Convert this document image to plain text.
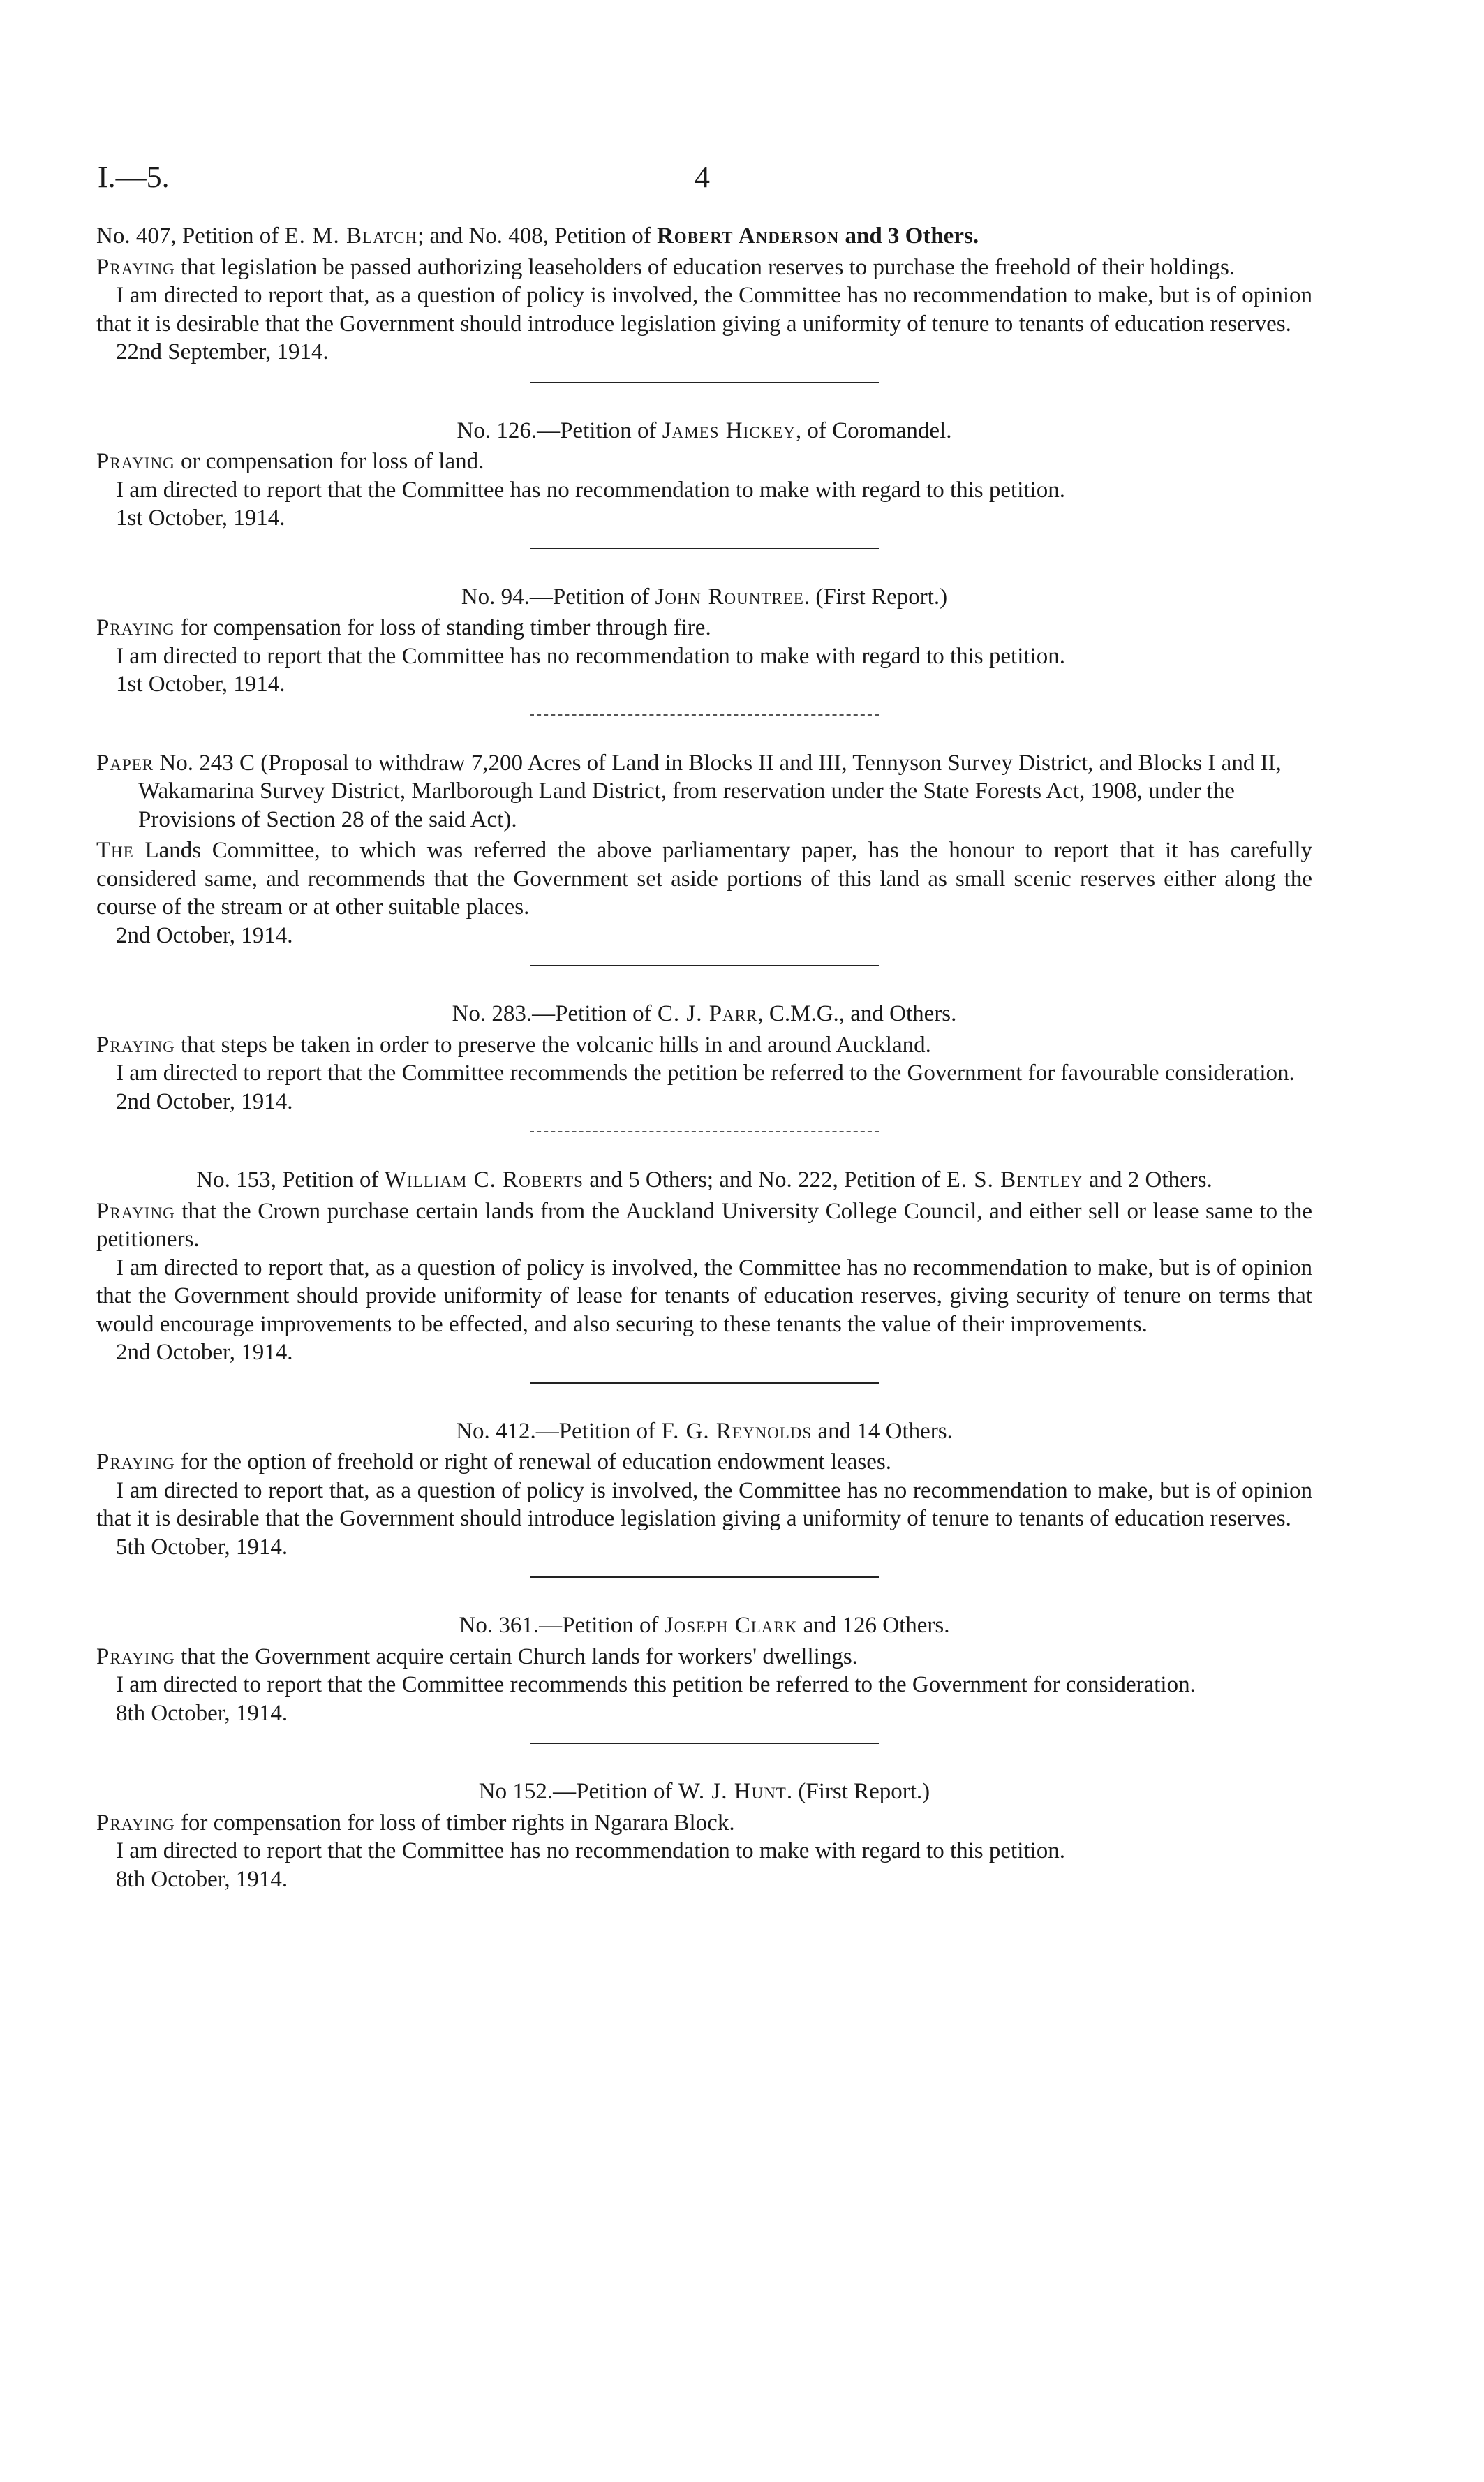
I.—5.	4

No. 407, Petition of E. M. Blatch; and No. 408, Petition of Robert Anderson and 3 Others.

Praying that legislation be passed authorizing leaseholders of education reserves to purchase the freehold of their holdings.

I am directed to report that, as a question of policy is involved, the Committee has no recommendation to make, but is of opinion that it is desirable that the Government should introduce legislation giving a uniformity of tenure to tenants of education reserves.

22nd September, 1914.

No. 126.—Petition of James Hickey, of Coromandel.

Praying or compensation for loss of land.

I am directed to report that the Committee has no recommendation to make with regard to this petition.

1st October, 1914.

No. 94.—Petition of John Rountree. (First Report.)

Praying for compensation for loss of standing timber through fire.

I am directed to report that the Committee has no recommendation to make with regard to this petition.

1st October, 1914.

Paper No. 243 C (Proposal to withdraw 7,200 Acres of Land in Blocks II and III, Tennyson Survey District, and Blocks I and II, Wakamarina Survey District, Marlborough Land District, from reservation under the State Forests Act, 1908, under the Provisions of Section 28 of the said Act).

The Lands Committee, to which was referred the above parliamentary paper, has the honour to report that it has carefully considered same, and recommends that the Government set aside portions of this land as small scenic reserves either along the course of the stream or at other suitable places.

2nd October, 1914.

No. 283.—Petition of C. J. Parr, C.M.G., and Others.

Praying that steps be taken in order to preserve the volcanic hills in and around Auckland.

I am directed to report that the Committee recommends the petition be referred to the Government for favourable consideration.

2nd October, 1914.

No. 153, Petition of William C. Roberts and 5 Others; and No. 222, Petition of E. S. Bentley and 2 Others.

Praying that the Crown purchase certain lands from the Auckland University College Council, and either sell or lease same to the petitioners.

I am directed to report that, as a question of policy is involved, the Committee has no recommendation to make, but is of opinion that the Government should provide uniformity of lease for tenants of education reserves, giving security of tenure on terms that would encourage improvements to be effected, and also securing to these tenants the value of their improvements.

2nd October, 1914.

No. 412.—Petition of F. G. Reynolds and 14 Others.

Praying for the option of freehold or right of renewal of education endowment leases.

I am directed to report that, as a question of policy is involved, the Committee has no recommendation to make, but is of opinion that it is desirable that the Government should introduce legislation giving a uniformity of tenure to tenants of education reserves.

5th October, 1914.

No. 361.—Petition of Joseph Clark and 126 Others.

Praying that the Government acquire certain Church lands for workers' dwellings.

I am directed to report that the Committee recommends this petition be referred to the Government for consideration.

8th October, 1914.

No 152.—Petition of W. J. Hunt. (First Report.)

Praying for compensation for loss of timber rights in Ngarara Block.

I am directed to report that the Committee has no recommendation to make with regard to this petition.

8th October, 1914.
